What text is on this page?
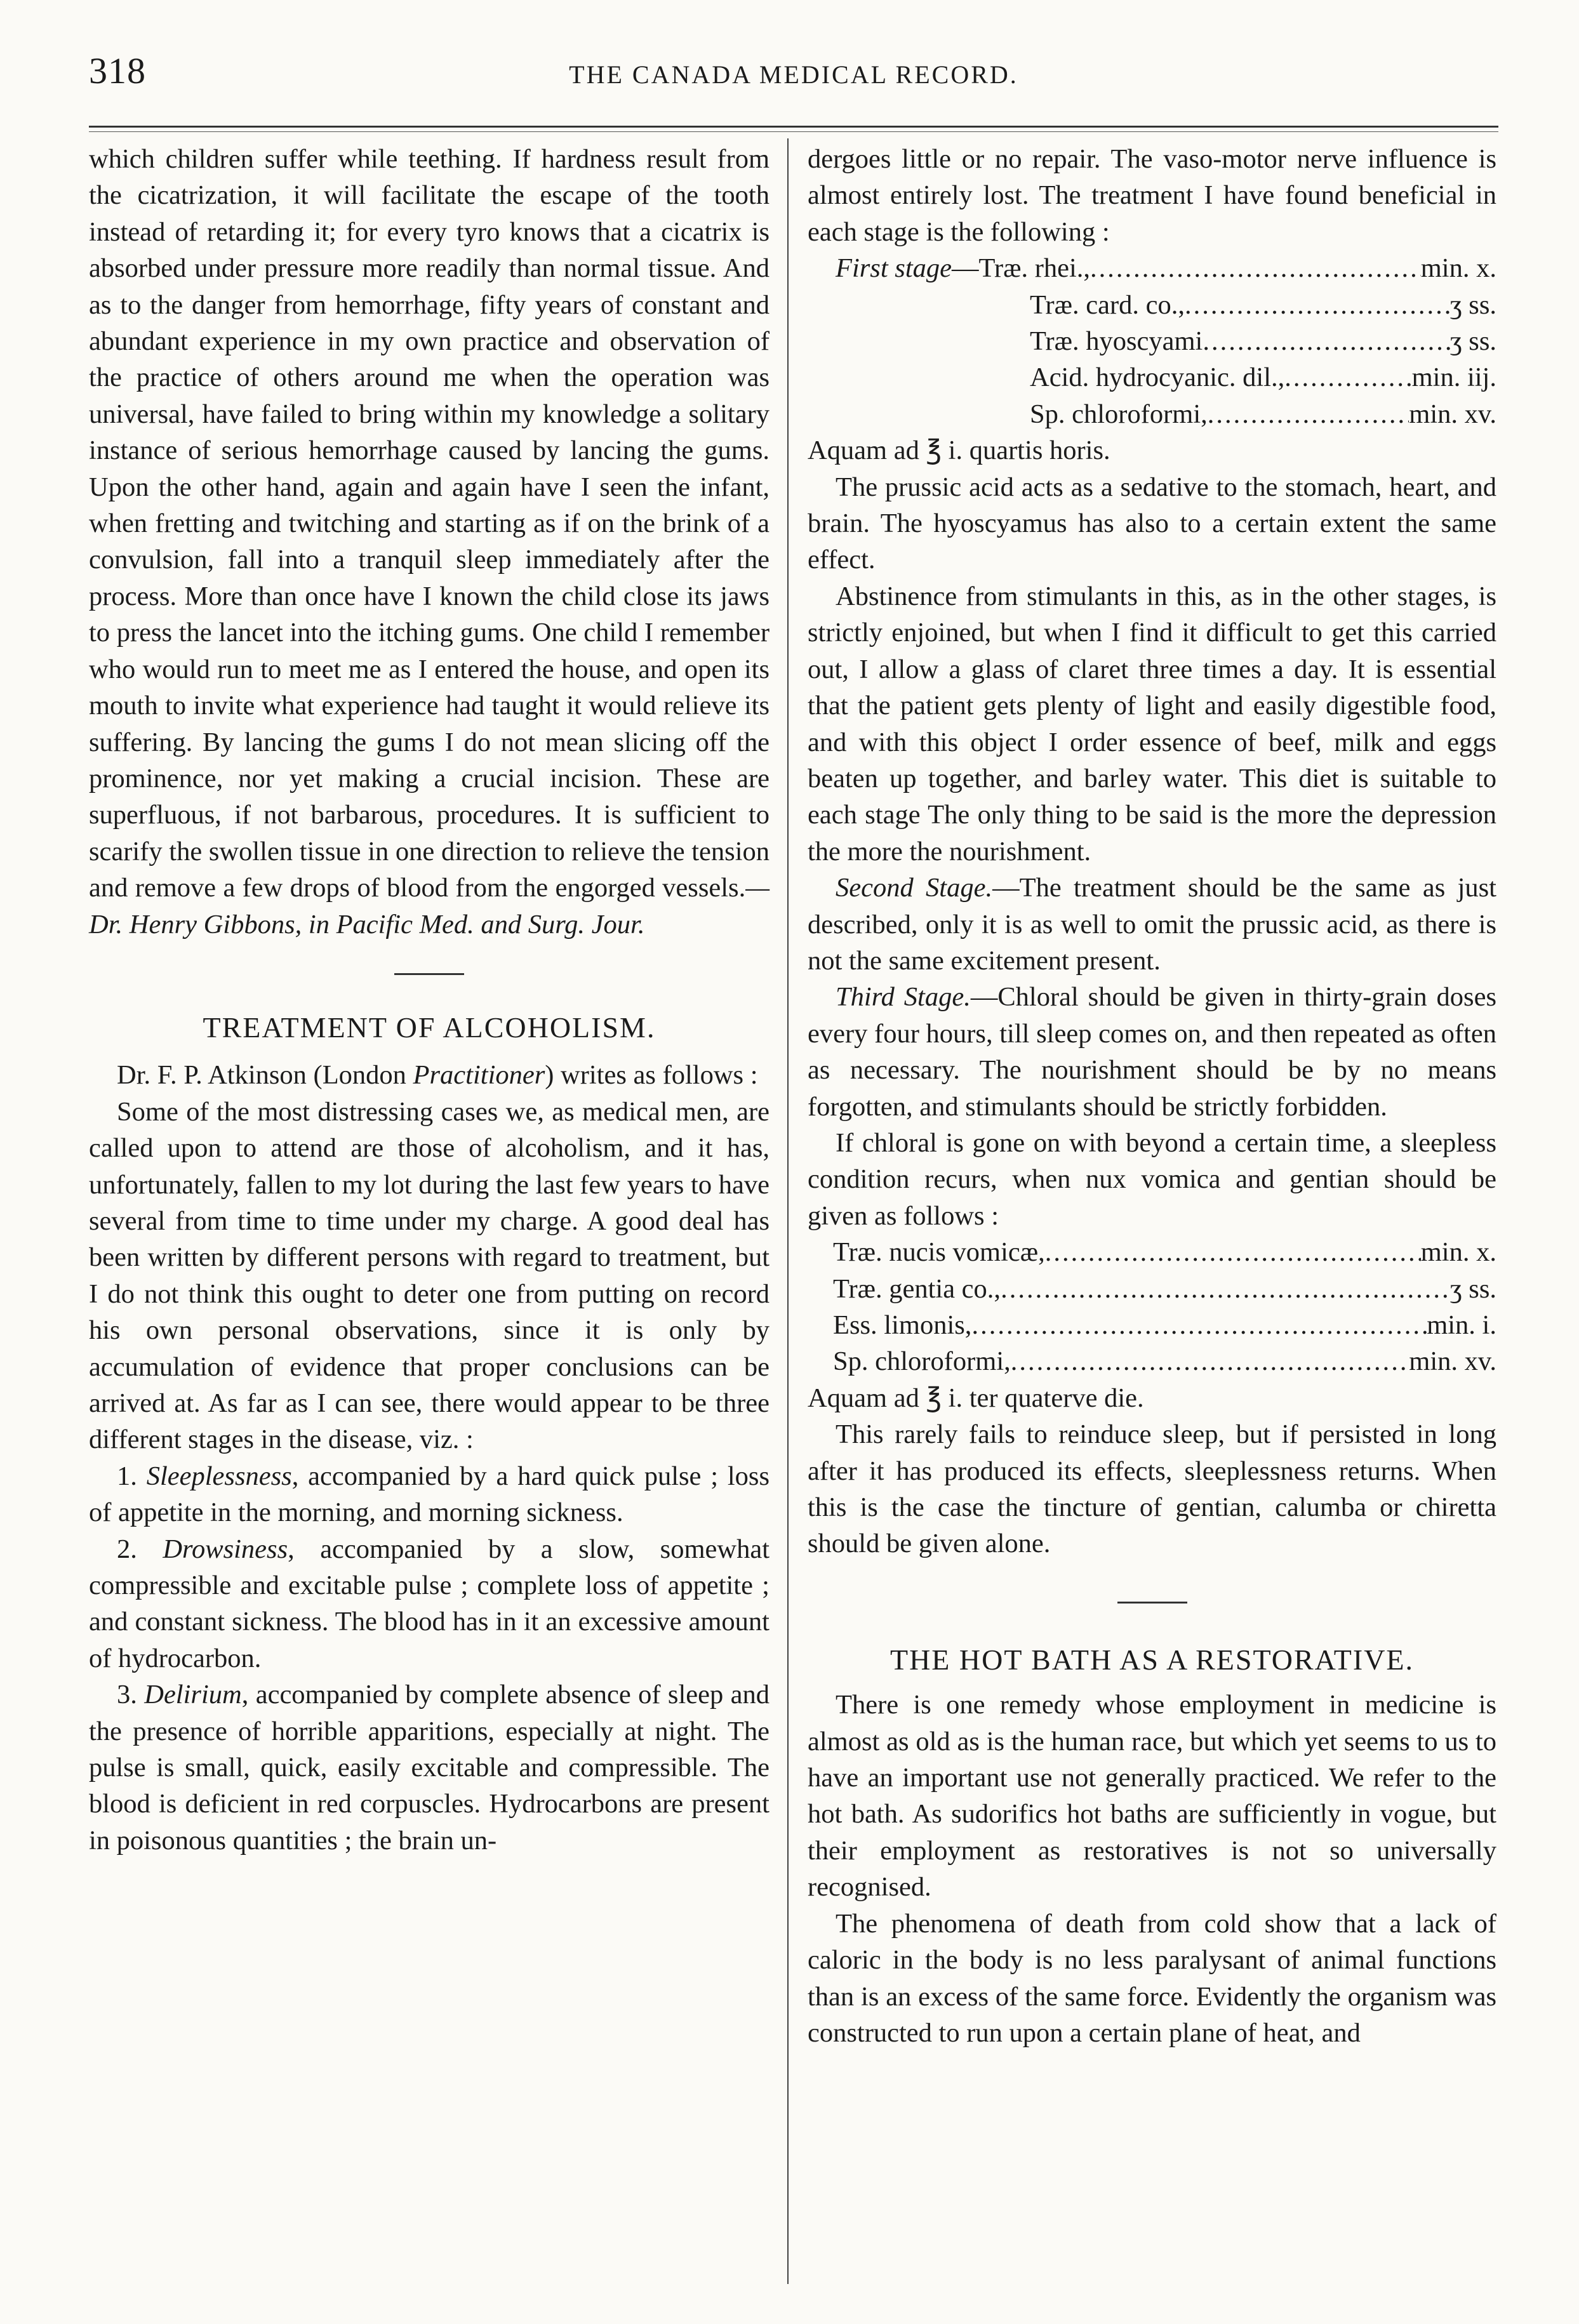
318	THE CANADA MEDICAL RECORD.

which children suffer while teething. If hardness result from the cicatrization, it will facilitate the escape of the tooth instead of retarding it; for every tyro knows that a cicatrix is absorbed under pressure more readily than normal tissue. And as to the danger from hemorrhage, fifty years of constant and abundant experience in my own practice and observation of the practice of others around me when the operation was universal, have failed to bring within my knowledge a solitary instance of serious hemorrhage caused by lancing the gums. Upon the other hand, again and again have I seen the infant, when fretting and twitching and starting as if on the brink of a convulsion, fall into a tranquil sleep immediately after the process. More than once have I known the child close its jaws to press the lancet into the itching gums. One child I remember who would run to meet me as I entered the house, and open its mouth to invite what experience had taught it would relieve its suffering. By lancing the gums I do not mean slicing off the prominence, nor yet making a crucial incision. These are superfluous, if not barbarous, procedures. It is sufficient to scarify the swollen tissue in one direction to relieve the tension and remove a few drops of blood from the engorged vessels.—Dr. Henry Gibbons, in Pacific Med. and Surg. Jour.

TREATMENT OF ALCOHOLISM.

Dr. F. P. Atkinson (London Practitioner) writes as follows :

Some of the most distressing cases we, as medical men, are called upon to attend are those of alcoholism, and it has, unfortunately, fallen to my lot during the last few years to have several from time to time under my charge. A good deal has been written by different persons with regard to treatment, but I do not think this ought to deter one from putting on record his own personal observations, since it is only by accumulation of evidence that proper conclusions can be arrived at. As far as I can see, there would appear to be three different stages in the disease, viz. :

1. Sleeplessness, accompanied by a hard quick pulse ; loss of appetite in the morning, and morning sickness.

2. Drowsiness, accompanied by a slow, somewhat compressible and excitable pulse ; complete loss of appetite ; and constant sickness. The blood has in it an excessive amount of hydrocarbon.

3. Delirium, accompanied by complete absence of sleep and the presence of horrible apparitions, especially at night. The pulse is small, quick, easily excitable and compressible. The blood is deficient in red corpuscles. Hydrocarbons are present in poisonous quantities ; the brain un-

dergoes little or no repair. The vaso-motor nerve influence is almost entirely lost. The treatment I have found beneficial in each stage is the following :

First stage—Træ. rhei., .....	min. x.
Træ. card. co., .....	ʒ ss.
Træ. hyoscyami .....	ʒ ss.
Acid. hydrocyanic. dil., .....	min. iij.
Sp. chloroformi, .....	min. xv.

Aquam ad ℥ i. quartis horis.

The prussic acid acts as a sedative to the stomach, heart, and brain. The hyoscyamus has also to a certain extent the same effect.

Abstinence from stimulants in this, as in the other stages, is strictly enjoined, but when I find it difficult to get this carried out, I allow a glass of claret three times a day. It is essential that the patient gets plenty of light and easily digestible food, and with this object I order essence of beef, milk and eggs beaten up together, and barley water. This diet is suitable to each stage The only thing to be said is the more the depression the more the nourishment.

Second Stage.—The treatment should be the same as just described, only it is as well to omit the prussic acid, as there is not the same excitement present.

Third Stage.—Chloral should be given in thirty-grain doses every four hours, till sleep comes on, and then repeated as often as necessary. The nourishment should be by no means forgotten, and stimulants should be strictly forbidden.

If chloral is gone on with beyond a certain time, a sleepless condition recurs, when nux vomica and gentian should be given as follows :

Træ. nucis vomicæ, .....	min. x.
Træ. gentia co., .....	ʒ ss.
Ess. limonis, .....	min. i.
Sp. chloroformi, .....	min. xv.

Aquam ad ℥ i. ter quaterve die.

This rarely fails to reinduce sleep, but if persisted in long after it has produced its effects, sleeplessness returns. When this is the case the tincture of gentian, calumba or chiretta should be given alone.

THE HOT BATH AS A RESTORATIVE.

There is one remedy whose employment in medicine is almost as old as is the human race, but which yet seems to us to have an important use not generally practiced. We refer to the hot bath. As sudorifics hot baths are sufficiently in vogue, but their employment as restoratives is not so universally recognised.

The phenomena of death from cold show that a lack of caloric in the body is no less paralysant of animal functions than is an excess of the same force. Evidently the organism was constructed to run upon a certain plane of heat, and
